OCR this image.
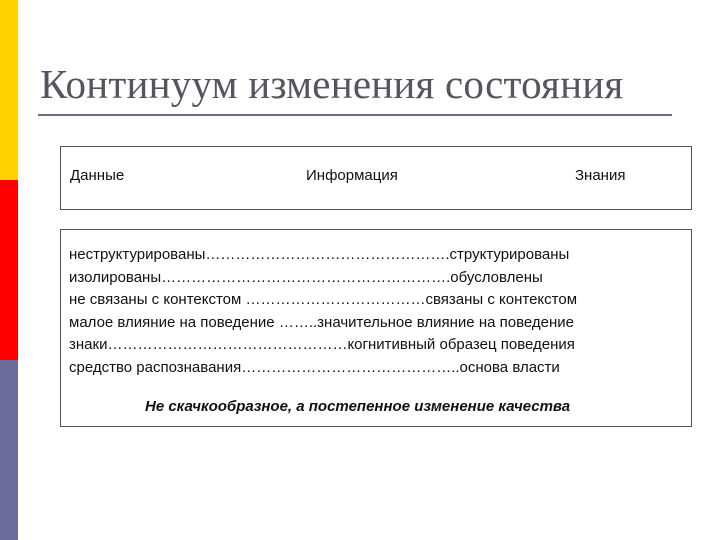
Континуум изменения состояния
Данные	Информация	Знания
неструктурированы………………………………………….структурированы
изолированы………………………………………………….обусловлены
не связаны с контекстом ………………………………связаны с контекстом
малое влияние на поведение ……..значительное влияние на поведение
знаки…………………………………………когнитивный образец поведения
средство распознавания……………………………………..основа власти
Не скачкообразное, а постепенное изменение качества
